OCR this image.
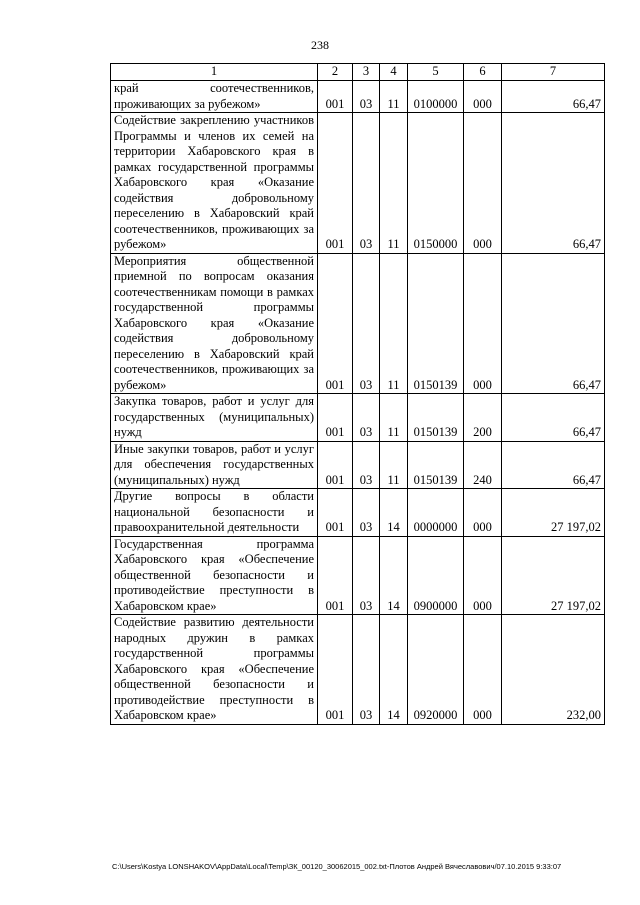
238
1	2	3	4	5	6	7
край соотечественников, проживающих за рубежом»	001	03	11	0100000	000	66,47
Содействие закреплению участников Программы и членов их семей на территории Хабаровского края в рамках государственной программы Хабаровского края «Оказание содействия добровольному переселению в Хабаровский край соотечественников, проживающих за рубежом»	001	03	11	0150000	000	66,47
Мероприятия общественной приемной по вопросам оказания соотечественникам помощи в рамках государственной программы Хабаровского края «Оказание содействия добровольному переселению в Хабаровский край соотечественников, проживающих за рубежом»	001	03	11	0150139	000	66,47
Закупка товаров, работ и услуг для государственных (муниципальных) нужд	001	03	11	0150139	200	66,47
Иные закупки товаров, работ и услуг для обеспечения государственных (муниципальных) нужд	001	03	11	0150139	240	66,47
Другие вопросы в области национальной безопасности и правоохранительной деятельности	001	03	14	0000000	000	27 197,02
Государственная программа Хабаровского края «Обеспечение общественной безопасности и противодействие преступности в Хабаровском крае»	001	03	14	0900000	000	27 197,02
Содействие развитию деятельности народных дружин в рамках государственной программы Хабаровского края «Обеспечение общественной безопасности и противодействие преступности в Хабаровском крае»	001	03	14	0920000	000	232,00
C:\Users\Kostya LONSHAKOV\AppData\Local\Temp\ЗК_00120_30062015_002.txt-Плотов Андрей Вячеславович/07.10.2015 9:33:07
